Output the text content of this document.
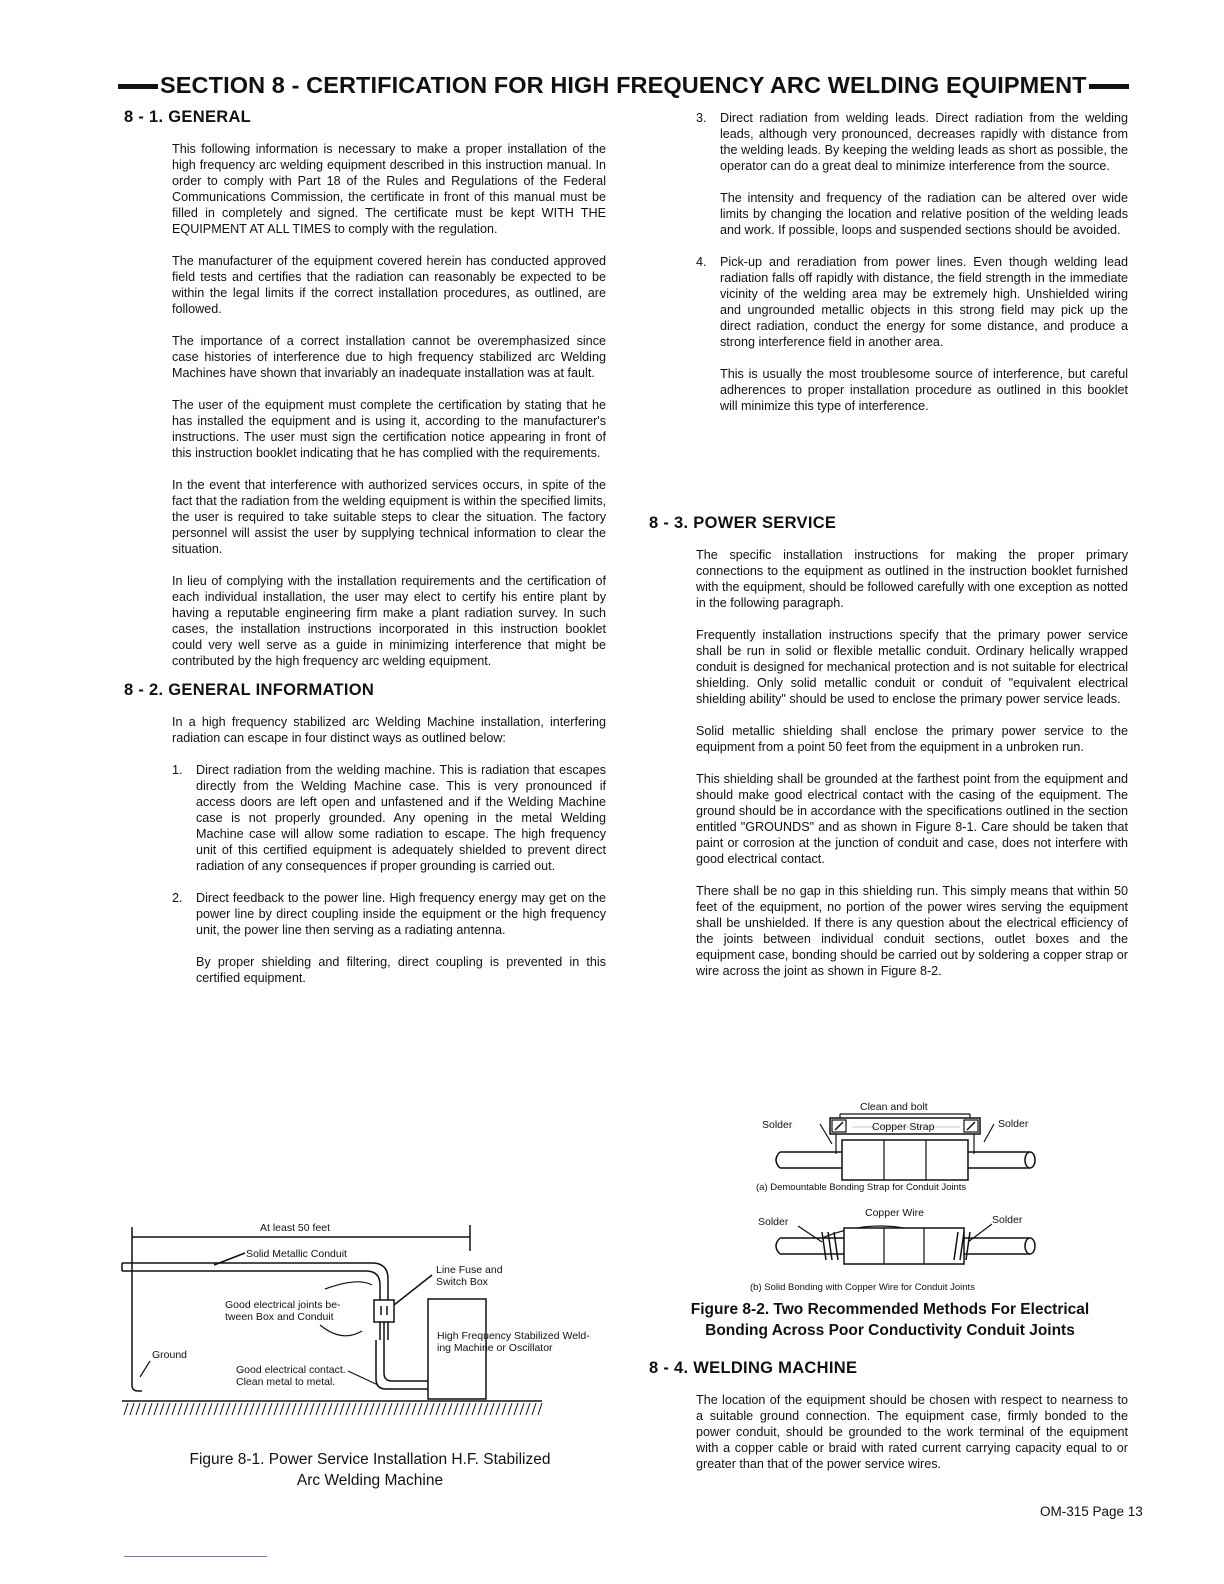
SECTION 8 - CERTIFICATION FOR HIGH FREQUENCY ARC WELDING EQUIPMENT
8 - 1. GENERAL

This following information is necessary to make a proper installation of the high frequency arc welding equipment described in this instruction manual. In order to comply with Part 18 of the Rules and Regulations of the Federal Communications Commission, the certificate in front of this manual must be filled in completely and signed. The certificate must be kept WITH THE EQUIPMENT AT ALL TIMES to comply with the regulation.

The manufacturer of the equipment covered herein has conducted approved field tests and certifies that the radiation can reasonably be expected to be within the legal limits if the correct installation procedures, as outlined, are followed.

The importance of a correct installation cannot be overemphasized since case histories of interference due to high frequency stabilized arc Welding Machines have shown that invariably an inadequate installation was at fault.

The user of the equipment must complete the certification by stating that he has installed the equipment and is using it, according to the manufacturer's instructions. The user must sign the certification notice appearing in front of this instruction booklet indicating that he has complied with the requirements.

In the event that interference with authorized services occurs, in spite of the fact that the radiation from the welding equipment is within the specified limits, the user is required to take suitable steps to clear the situation. The factory personnel will assist the user by supplying technical information to clear the situation.

In lieu of complying with the installation requirements and the certification of each individual installation, the user may elect to certify his entire plant by having a reputable engineering firm make a plant radiation survey. In such cases, the installation instructions incorporated in this instruction booklet could very well serve as a guide in minimizing interference that might be contributed by the high frequency arc welding equipment.

8 - 2. GENERAL INFORMATION

In a high frequency stabilized arc Welding Machine installation, interfering radiation can escape in four distinct ways as outlined below:

1.	Direct radiation from the welding machine. This is radiation that escapes directly from the Welding Machine case. This is very pronounced if access doors are left open and unfastened and if the Welding Machine case is not properly grounded. Any opening in the metal Welding Machine case will allow some radiation to escape. The high frequency unit of this certified equipment is adequately shielded to prevent direct radiation of any consequences if proper grounding is carried out.
2.	Direct feedback to the power line. High frequency energy may get on the power line by direct coupling inside the equipment or the high frequency unit, the power line then serving as a radiating antenna.

By proper shielding and filtering, direct coupling is prevented in this certified equipment.

At least 50 feet
Solid Metallic Conduit
Line Fuse and
Switch Box
High Frequency Stabilized Weld-
ing Machine or Oscillator
Good electrical joints be-
tween Box and Conduit
Ground
Good electrical contact.
Clean metal to metal.
Figure 8-1. Power Service Installation H.F. Stabilized
Arc Welding Machine
3.	Direct radiation from welding leads. Direct radiation from the welding leads, although very pronounced, decreases rapidly with distance from the welding leads. By keeping the welding leads as short as possible, the operator can do a great deal to minimize interference from the source.

The intensity and frequency of the radiation can be altered over wide limits by changing the location and relative position of the welding leads and work. If possible, loops and suspended sections should be avoided.

4.	Pick-up and reradiation from power lines. Even though welding lead radiation falls off rapidly with distance, the field strength in the immediate vicinity of the welding area may be extremely high. Unshielded wiring and ungrounded metallic objects in this strong field may pick up the direct radiation, conduct the energy for some distance, and produce a strong interference field in another area.

This is usually the most troublesome source of interference, but careful adherences to proper installation procedure as outlined in this booklet will minimize this type of interference.

8 - 3. POWER SERVICE

The specific installation instructions for making the proper primary connections to the equipment as outlined in the instruction booklet furnished with the equipment, should be followed carefully with one exception as notted in the following paragraph.

Frequently installation instructions specify that the primary power service shall be run in solid or flexible metallic conduit. Ordinary helically wrapped conduit is designed for mechanical protection and is not suitable for electrical shielding. Only solid metallic conduit or conduit of "equivalent electrical shielding ability" should be used to enclose the primary power service leads.

Solid metallic shielding shall enclose the primary power service to the equipment from a point 50 feet from the equipment in a unbroken run.

This shielding shall be grounded at the farthest point from the equipment and should make good electrical contact with the casing of the equipment. The ground should be in accordance with the specifications outlined in the section entitled "GROUNDS" and as shown in Figure 8-1. Care should be taken that paint or corrosion at the junction of conduit and case, does not interfere with good electrical contact.

There shall be no gap in this shielding run. This simply means that within 50 feet of the equipment, no portion of the power wires serving the equipment shall be unshielded. If there is any question about the electrical efficiency of the joints between individual conduit sections, outlet boxes and the equipment case, bonding should be carried out by soldering a copper strap or wire across the joint as shown in Figure 8-2.

Clean and bolt
Copper Strap
Solder	Solder
(a) Demountable Bonding Strap for Conduit Joints
Copper Wire
Solder	Solder
(b) Solid Bonding with Copper Wire for Conduit Joints
Figure 8-2. Two Recommended Methods For Electrical
Bonding Across Poor Conductivity Conduit Joints
8 - 4. WELDING MACHINE

The location of the equipment should be chosen with respect to nearness to a suitable ground connection. The equipment case, firmly bonded to the power conduit, should be grounded to the work terminal of the equipment with a copper cable or braid with rated current carrying capacity equal to or greater than that of the power service wires.

OM-315 Page 13
